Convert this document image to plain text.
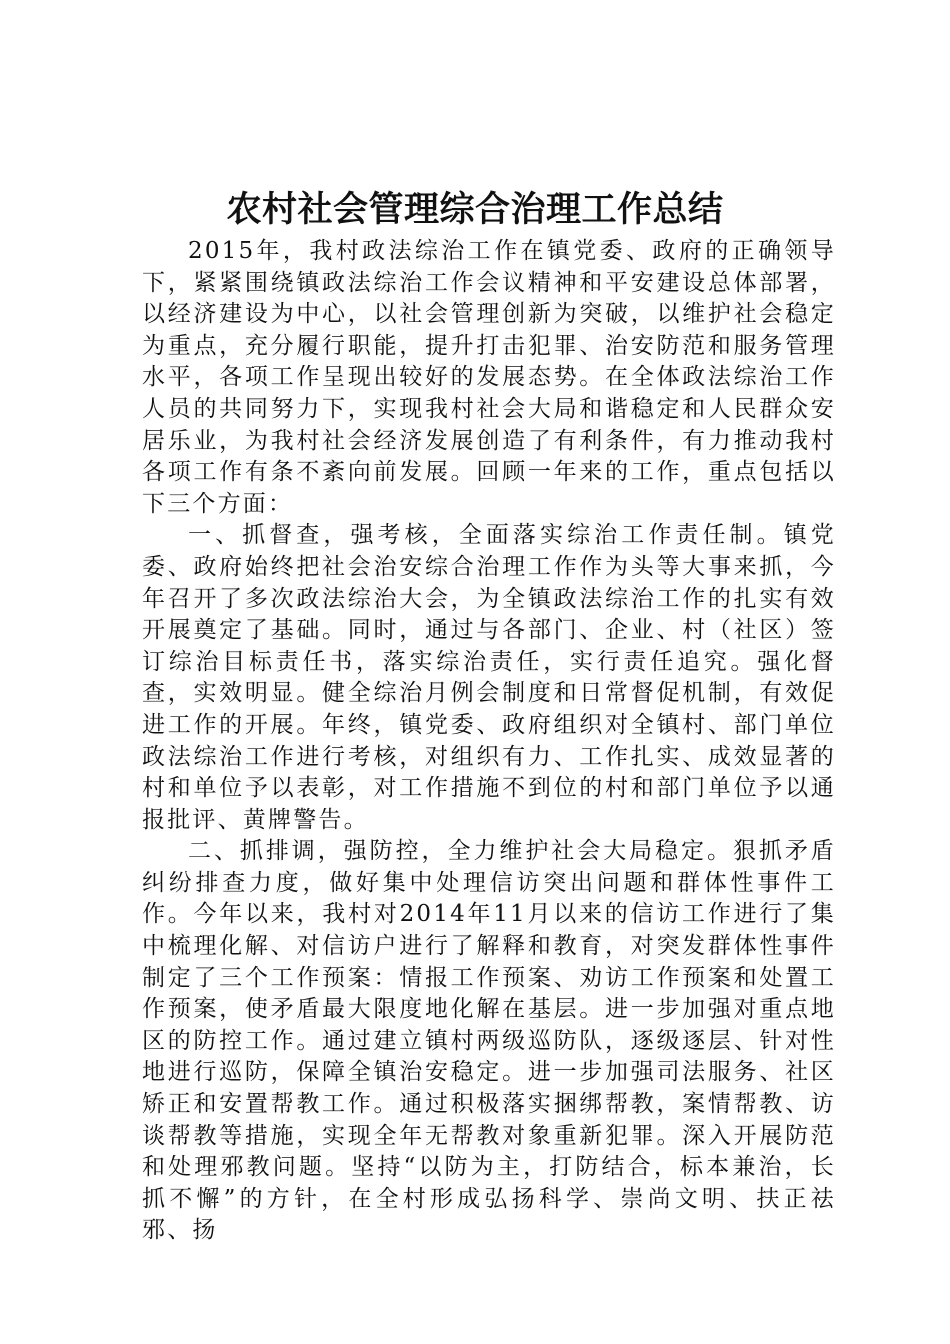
农村社会管理综合治理工作总结

2015年，我村政法综治工作在镇党委、政府的正确领导下，紧紧围绕镇政法综治工作会议精神和平安建设总体部署，以经济建设为中心，以社会管理创新为突破，以维护社会稳定为重点，充分履行职能，提升打击犯罪、治安防范和服务管理水平，各项工作呈现出较好的发展态势。在全体政法综治工作人员的共同努力下，实现我村社会大局和谐稳定和人民群众安居乐业，为我村社会经济发展创造了有利条件，有力推动我村各项工作有条不紊向前发展。回顾一年来的工作，重点包括以下三个方面：

一、抓督查，强考核，全面落实综治工作责任制。镇党委、政府始终把社会治安综合治理工作作为头等大事来抓，今年召开了多次政法综治大会，为全镇政法综治工作的扎实有效开展奠定了基础。同时，通过与各部门、企业、村（社区）签订综治目标责任书，落实综治责任，实行责任追究。强化督查，实效明显。健全综治月例会制度和日常督促机制，有效促进工作的开展。年终，镇党委、政府组织对全镇村、部门单位政法综治工作进行考核，对组织有力、工作扎实、成效显著的村和单位予以表彰，对工作措施不到位的村和部门单位予以通报批评、黄牌警告。

二、抓排调，强防控，全力维护社会大局稳定。狠抓矛盾纠纷排查力度，做好集中处理信访突出问题和群体性事件工作。今年以来，我村对2014年11月以来的信访工作进行了集中梳理化解、对信访户进行了解释和教育，对突发群体性事件制定了三个工作预案：情报工作预案、劝访工作预案和处置工作预案，使矛盾最大限度地化解在基层。进一步加强对重点地区的防控工作。通过建立镇村两级巡防队，逐级逐层、针对性地进行巡防，保障全镇治安稳定。进一步加强司法服务、社区矫正和安置帮教工作。通过积极落实捆绑帮教，案情帮教、访谈帮教等措施，实现全年无帮教对象重新犯罪。深入开展防范和处理邪教问题。坚持“以防为主，打防结合，标本兼治，长抓不懈”的方针，在全村形成弘扬科学、崇尚文明、扶正祛邪、扬
